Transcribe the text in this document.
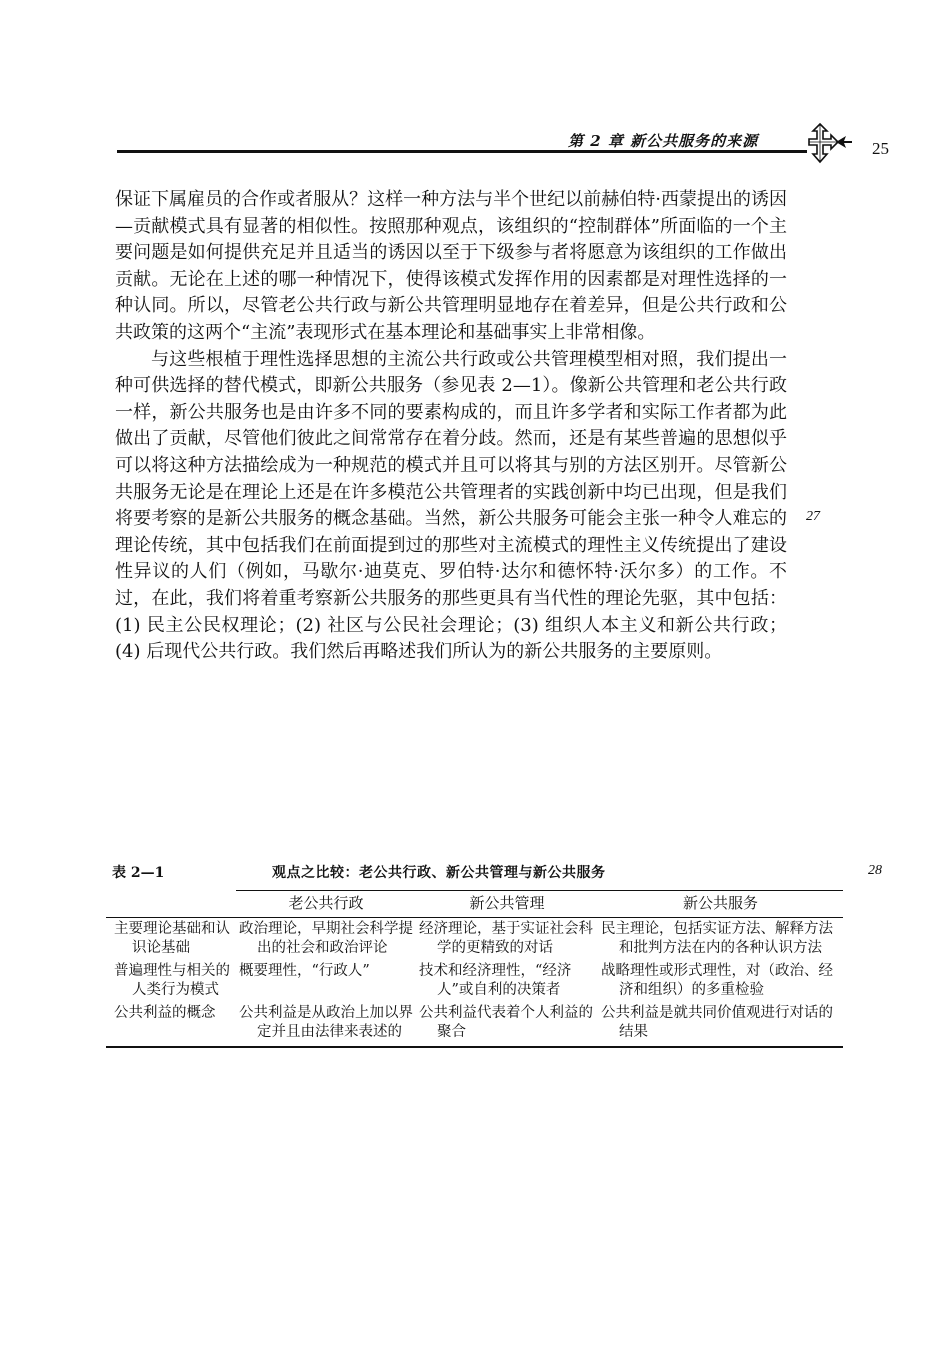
第 2 章 新公共服务的来源	25

保证下属雇员的合作或者服从？这样一种方法与半个世纪以前赫伯特·西蒙提出的诱因—贡献模式具有显著的相似性。按照那种观点，该组织的“控制群体”所面临的一个主要问题是如何提供充足并且适当的诱因以至于下级参与者将愿意为该组织的工作做出贡献。无论在上述的哪一种情况下，使得该模式发挥作用的因素都是对理性选择的一种认同。所以，尽管老公共行政与新公共管理明显地存在着差异，但是公共行政和公共政策的这两个“主流”表现形式在基本理论和基础事实上非常相像。

与这些根植于理性选择思想的主流公共行政或公共管理模型相对照，我们提出一种可供选择的替代模式，即新公共服务（参见表 2—1）。像新公共管理和老公共行政一样，新公共服务也是由许多不同的要素构成的，而且许多学者和实际工作者都为此做出了贡献，尽管他们彼此之间常常存在着分歧。然而，还是有某些普遍的思想似乎可以将这种方法描绘成为一种规范的模式并且可以将其与别的方法区别开。尽管新公共服务无论是在理论上还是在许多模范公共管理者的实践创新中均已出现，但是我们将要考察的是新公共服务的概念基础。当然，新公共服务可能会主张一种令人难忘的理论传统，其中包括我们在前面提到过的那些对主流模式的理性主义传统提出了建设性异议的人们（例如，马歇尔·迪莫克、罗伯特·达尔和德怀特·沃尔多）的工作。不过，在此，我们将着重考察新公共服务的那些更具有当代性的理论先驱，其中包括：(1) 民主公民权理论；(2) 社区与公民社会理论；(3) 组织人本主义和新公共行政；(4) 后现代公共行政。我们然后再略述我们所认为的新公共服务的主要原则。

27
28
表 2—1	观点之比较：老公共行政、新公共管理与新公共服务
	老公共行政	新公共管理	新公共服务

主要理论基础和认识论基础	政治理论，早期社会科学提出的社会和政治评论	经济理论，基于实证社会科学的更精致的对话	民主理论，包括实证方法、解释方法和批判方法在内的各种认识方法

普遍理性与相关的人类行为模式	概要理性，“行政人”	技术和经济理性，“经济人”或自利的决策者	战略理性或形式理性，对（政治、经济和组织）的多重检验

公共利益的概念	公共利益是从政治上加以界定并且由法律来表述的	公共利益代表着个人利益的聚合	公共利益是就共同价值观进行对话的结果
